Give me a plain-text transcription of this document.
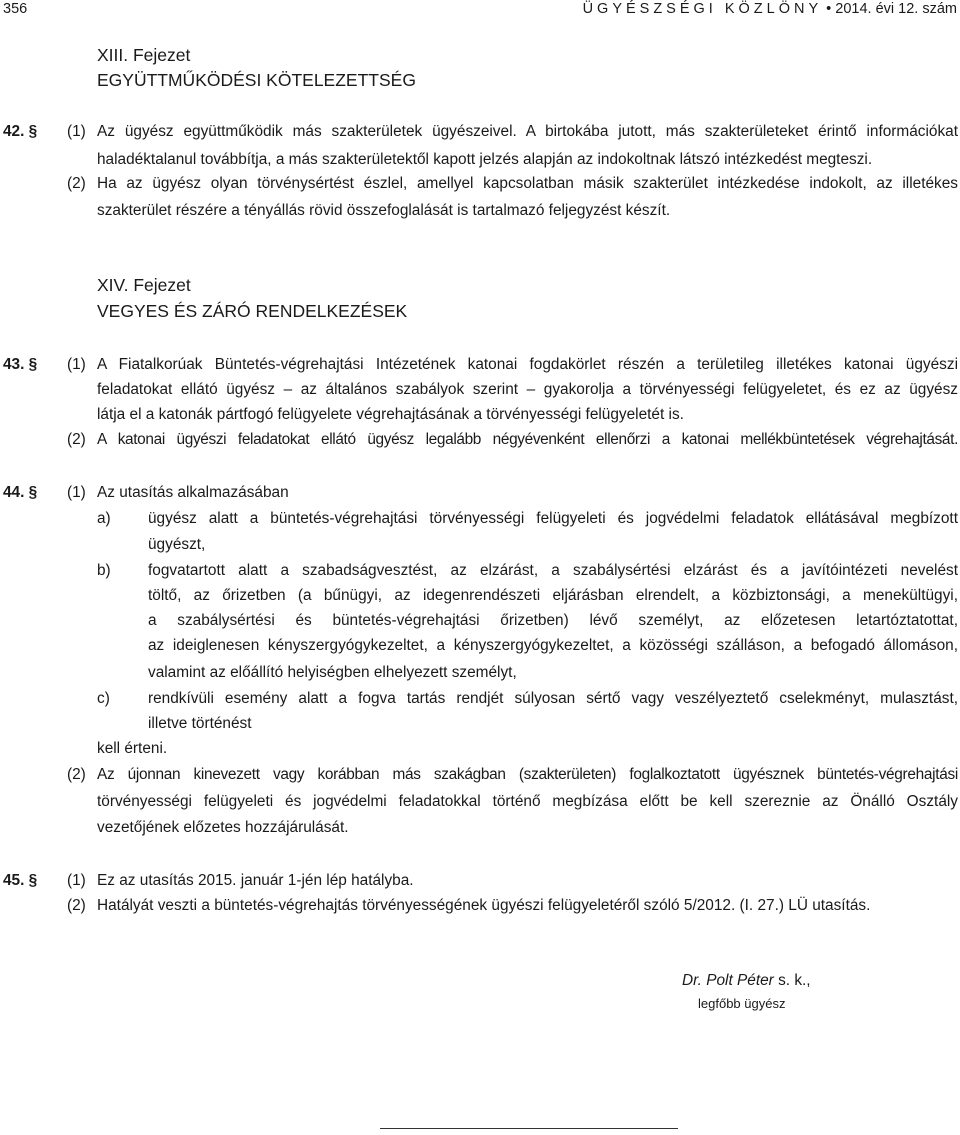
356	ÜGYÉSZSÉGI KÖZLÖNY • 2014. évi 12. szám
XIII. Fejezet
EGYÜTTMŰKÖDÉSI KÖTELEZETTSÉG
42. § (1) Az ügyész együttműködik más szakterületek ügyészeivel. A birtokába jutott, más szakterületeket érintő információkat
haladéktalanul továbbítja, a más szakterületektől kapott jelzés alapján az indokoltnak látszó intézkedést megteszi.
(2) Ha az ügyész olyan törvénysértést észlel, amellyel kapcsolatban másik szakterület intézkedése indokolt, az illetékes
szakterület részére a tényállás rövid összefoglalását is tartalmazó feljegyzést készít.
XIV. Fejezet
VEGYES ÉS ZÁRÓ RENDELKEZÉSEK
43. § (1) A Fiatalkorúak Büntetés-végrehajtási Intézetének katonai fogdakörlet részén a területileg illetékes katonai ügyészi
feladatokat ellátó ügyész – az általános szabályok szerint – gyakorolja a törvényességi felügyeletet, és ez az ügyész
látja el a katonák pártfogó felügyelete végrehajtásának a törvényességi felügyeletét is.
(2) A katonai ügyészi feladatokat ellátó ügyész legalább négyévenként ellenőrzi a katonai mellékbüntetések végrehajtását.
44. § (1) Az utasítás alkalmazásában
a) ügyész alatt a büntetés-végrehajtási törvényességi felügyeleti és jogvédelmi feladatok ellátásával megbízott
ügyészt,
b) fogvatartott alatt a szabadságvesztést, az elzárást, a szabálysértési elzárást és a javítóintézeti nevelést
töltő, az őrizetben (a bűnügyi, az idegenrendészeti eljárásban elrendelt, a közbiztonsági, a menekültügyi,
a szabálysértési és büntetés-végrehajtási őrizetben) lévő személyt, az előzetesen letartóztatottat,
az ideiglenesen kényszergyógykezeltet, a kényszergyógykezeltet, a közösségi szálláson, a befogadó állomáson,
valamint az előállító helyiségben elhelyezett személyt,
c) rendkívüli esemény alatt a fogva tartás rendjét súlyosan sértő vagy veszélyeztető cselekményt, mulasztást,
illetve történést
kell érteni.
(2) Az újonnan kinevezett vagy korábban más szakágban (szakterületen) foglalkoztatott ügyésznek büntetés-végrehajtási
törvényességi felügyeleti és jogvédelmi feladatokkal történő megbízása előtt be kell szereznie az Önálló Osztály
vezetőjének előzetes hozzájárulását.
45. § (1) Ez az utasítás 2015. január 1-jén lép hatályba.
(2) Hatályát veszti a büntetés-végrehajtás törvényességének ügyészi felügyeletéről szóló 5/2012. (I. 27.) LÜ utasítás.
Dr. Polt Péter s. k.,
legfőbb ügyész
